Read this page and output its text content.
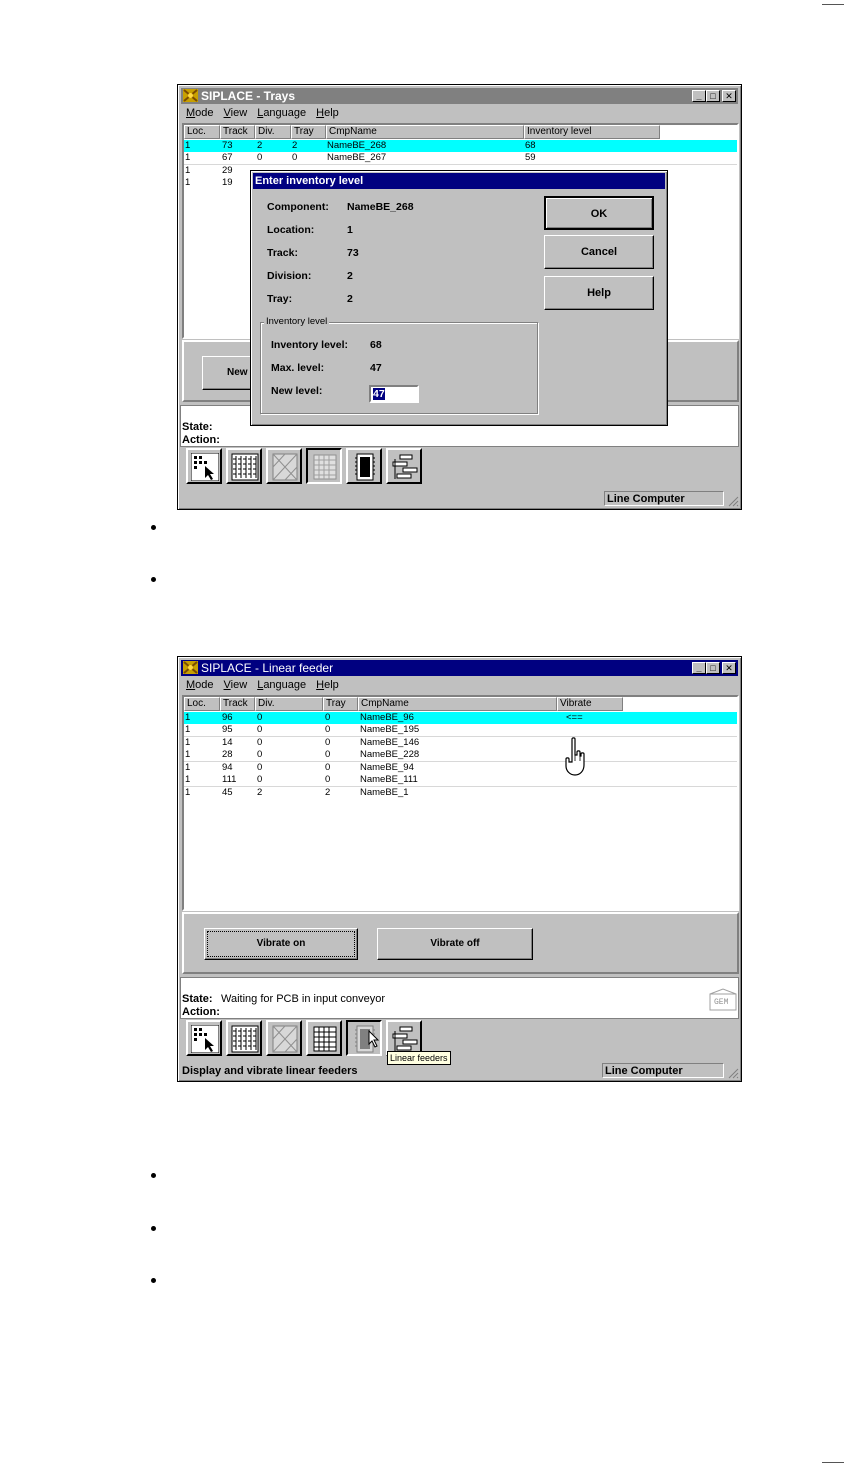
SIPLACE - Trays	_ □	✕
Mode View Language Help
Loc.	Track	Div.	Tray	CmpName	Inventory level
1	73	2	2	NameBE_268	68
1	67	0	0	NameBE_267	59
1	29
1	19
New
State:
Action:
Line Computer
Enter inventory level
Component: NameBE_268
Location:	1
Track:	73
Division:	2
Tray:	2
OK
Cancel
Help
Inventory level
Inventory level: 68
Max. level:	47
New level:	47
SIPLACE - Linear feeder	_ □	✕
Mode View Language Help
Loc.	Track	Div.	Tray	CmpName	Vibrate
1	96	0	0	NameBE_96	<==
1	95	0	0	NameBE_195
1	14	0	0	NameBE_146
1	28	0	0	NameBE_228
1	94	0	0	NameBE_94
1	111 0	0	NameBE_111
1	45	2	2	NameBE_1
Vibrate on	Vibrate off
State: Waiting for PCB in input conveyor
Action:
GEM
Linear feeders
Display and vibrate linear feeders	Line Computer
